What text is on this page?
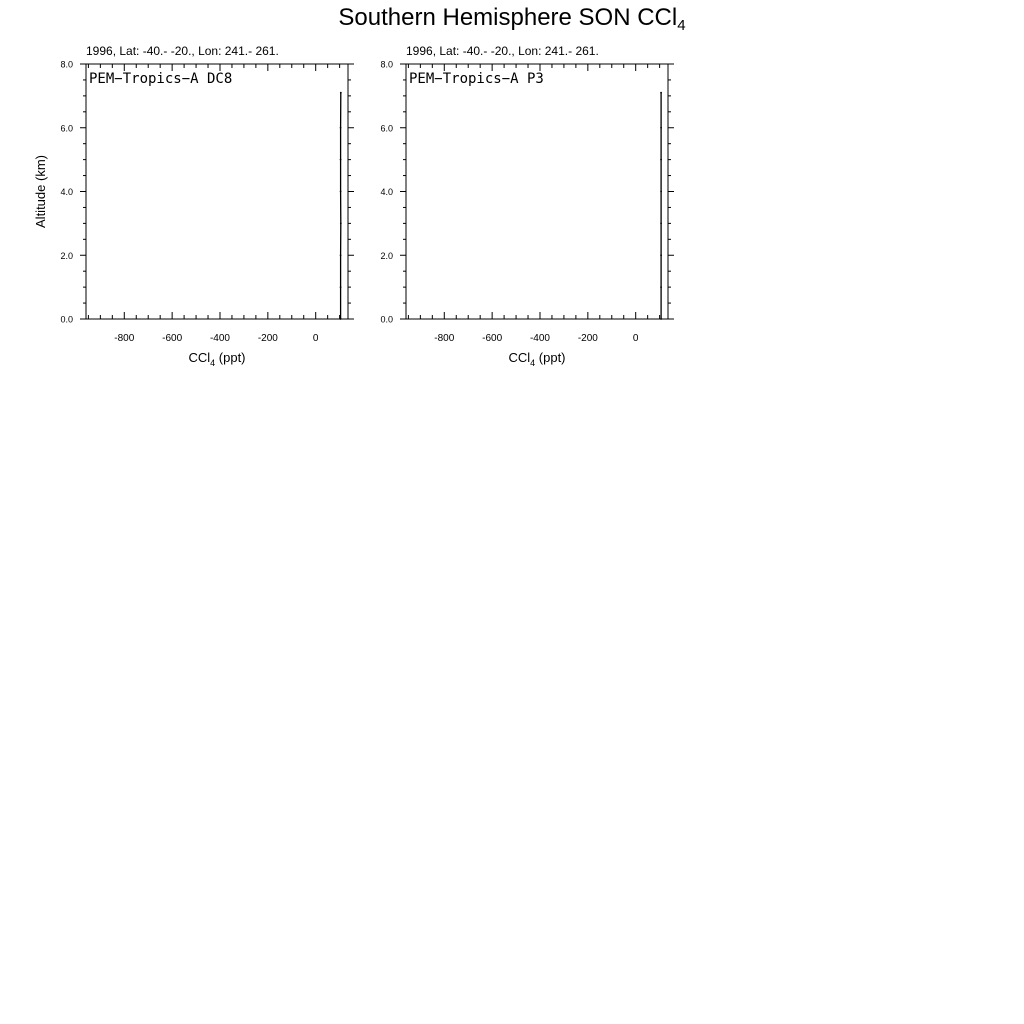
Southern Hemisphere SON CCl$_4$
-800	-600	-400	-200	0
0.0
2.0
4.0
6.0
8.0
1996, Lat: -40.- -20., Lon: 241.- 261.
PEM−Tropics−A DC8
CCl$_4$ (ppt)
Altitude (km)
-800	-600	-400	-200	0
0.0
2.0
4.0
6.0
8.0
1996, Lat: -40.- -20., Lon: 241.- 261.
PEM−Tropics−A P3
CCl$_4$ (ppt)
